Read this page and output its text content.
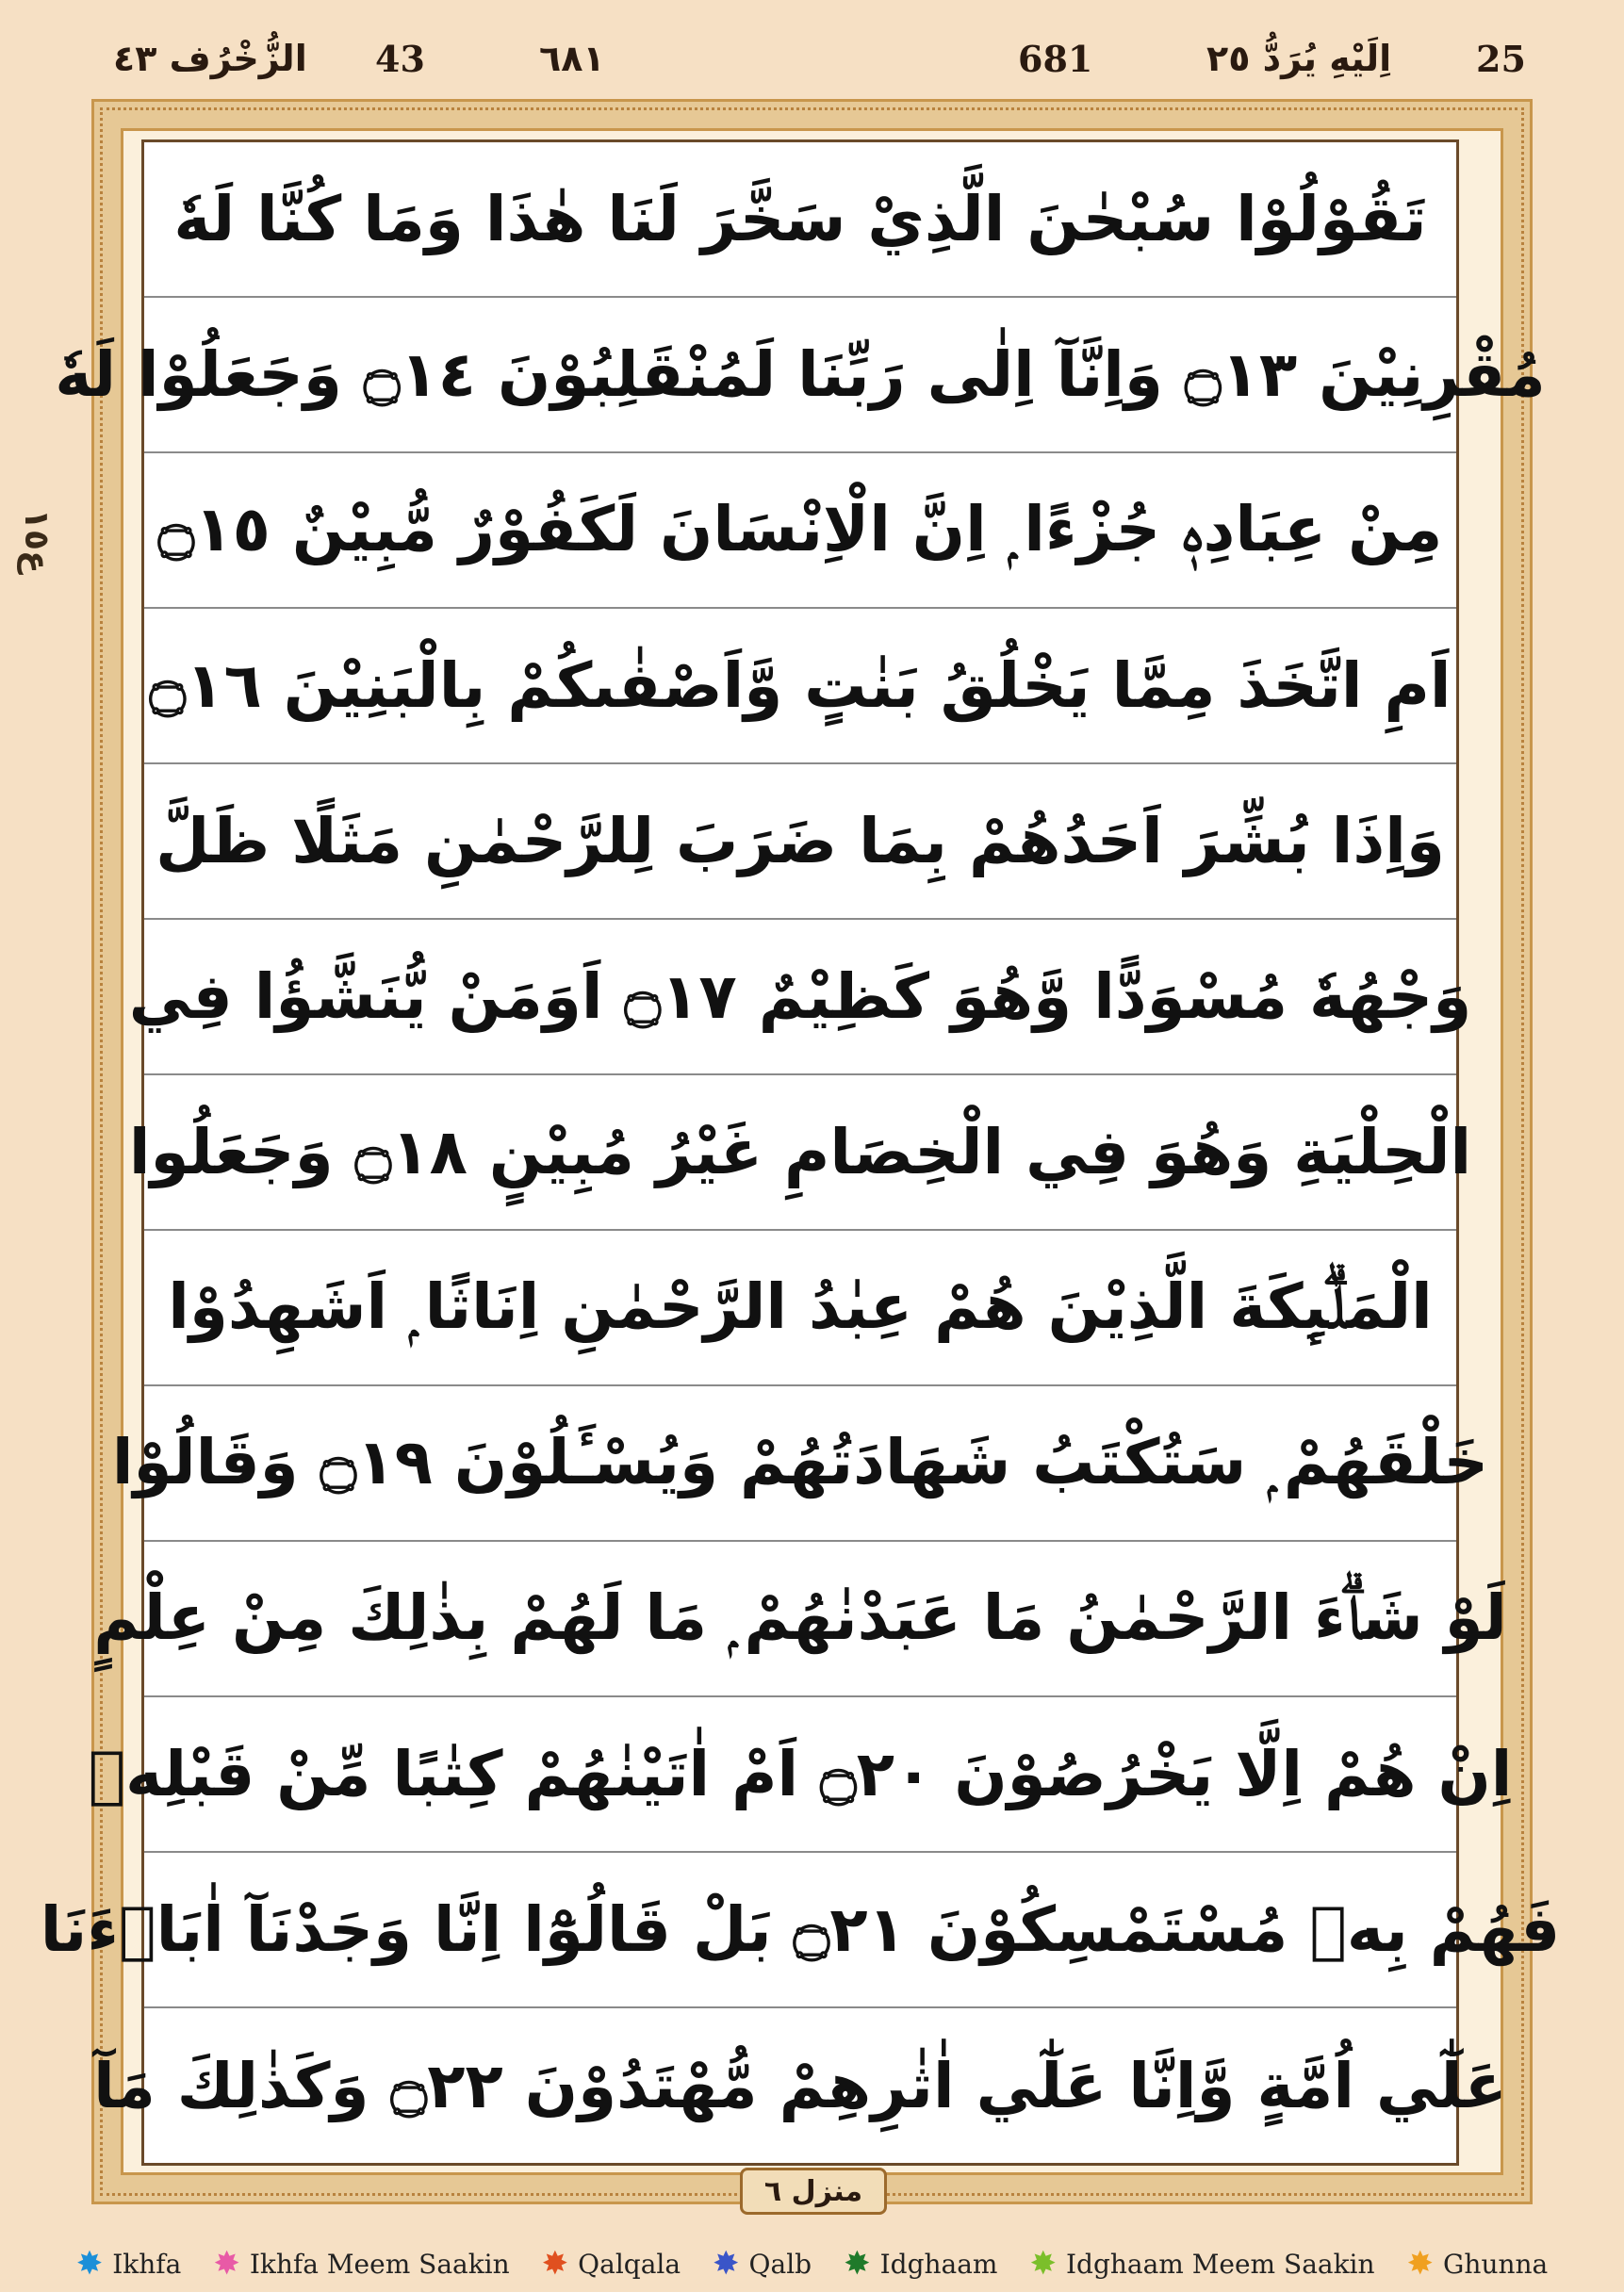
الزُّخْرُف ٤٣ 43	٦٨١	681	اِلَيْهِ يُرَدُّ ٢٥ 25
ع١٥
تَقُوْلُوْا سُبْحٰنَ الَّذِيْ سَخَّرَ لَنَا هٰذَا وَمَا كُنَّا لَهٗ
مُقْرِنِيْنَ ۝١٣ وَاِنَّآ اِلٰى رَبِّنَا لَمُنْقَلِبُوْنَ ۝١٤ وَجَعَلُوْا لَهٗ
مِنْ عِبَادِهٖ جُزْءًا ۭ اِنَّ الْاِنْسَانَ لَكَفُوْرٌ مُّبِيْنٌ ۝١٥
اَمِ اتَّخَذَ مِمَّا يَخْلُقُ بَنٰتٍ وَّاَصْفٰىكُمْ بِالْبَنِيْنَ ۝١٦
وَاِذَا بُشِّرَ اَحَدُهُمْ بِمَا ضَرَبَ لِلرَّحْمٰنِ مَثَلًا ظَلَّ
وَجْهُهٗ مُسْوَدًّا وَّهُوَ كَظِيْمٌ ۝١٧ اَوَمَنْ يُّنَشَّؤُا فِي
الْحِلْيَةِ وَهُوَ فِي الْخِصَامِ غَيْرُ مُبِيْنٍ ۝١٨ وَجَعَلُوا
الْمَلٰۗىِٕكَةَ الَّذِيْنَ هُمْ عِبٰدُ الرَّحْمٰنِ اِنَاثًا ۭ اَشَهِدُوْا
خَلْقَهُمْ ۭ سَتُكْتَبُ شَهَادَتُهُمْ وَيُسْـَٔلُوْنَ ۝١٩ وَقَالُوْا
لَوْ شَاۗءَ الرَّحْمٰنُ مَا عَبَدْنٰهُمْ ۭ مَا لَهُمْ بِذٰلِكَ مِنْ عِلْمٍ
اِنْ هُمْ اِلَّا يَخْرُصُوْنَ ۝٢٠ اَمْ اٰتَيْنٰهُمْ كِتٰبًا مِّنْ قَبْلِهٖ
فَهُمْ بِهٖ مُسْتَمْسِكُوْنَ ۝٢١ بَلْ قَالُوْٓا اِنَّا وَجَدْنَآ اٰبَاۗءَنَا
عَلٰٓي اُمَّةٍ وَّاِنَّا عَلٰٓي اٰثٰرِهِمْ مُّهْتَدُوْنَ ۝٢٢ وَكَذٰلِكَ مَآ
منزل ٦
✸ Ikhfa ✸ Ikhfa Meem Saakin ✸ Qalqala ✸ Qalb ✸ Idghaam ✸ Idghaam Meem Saakin ✸ Ghunna
